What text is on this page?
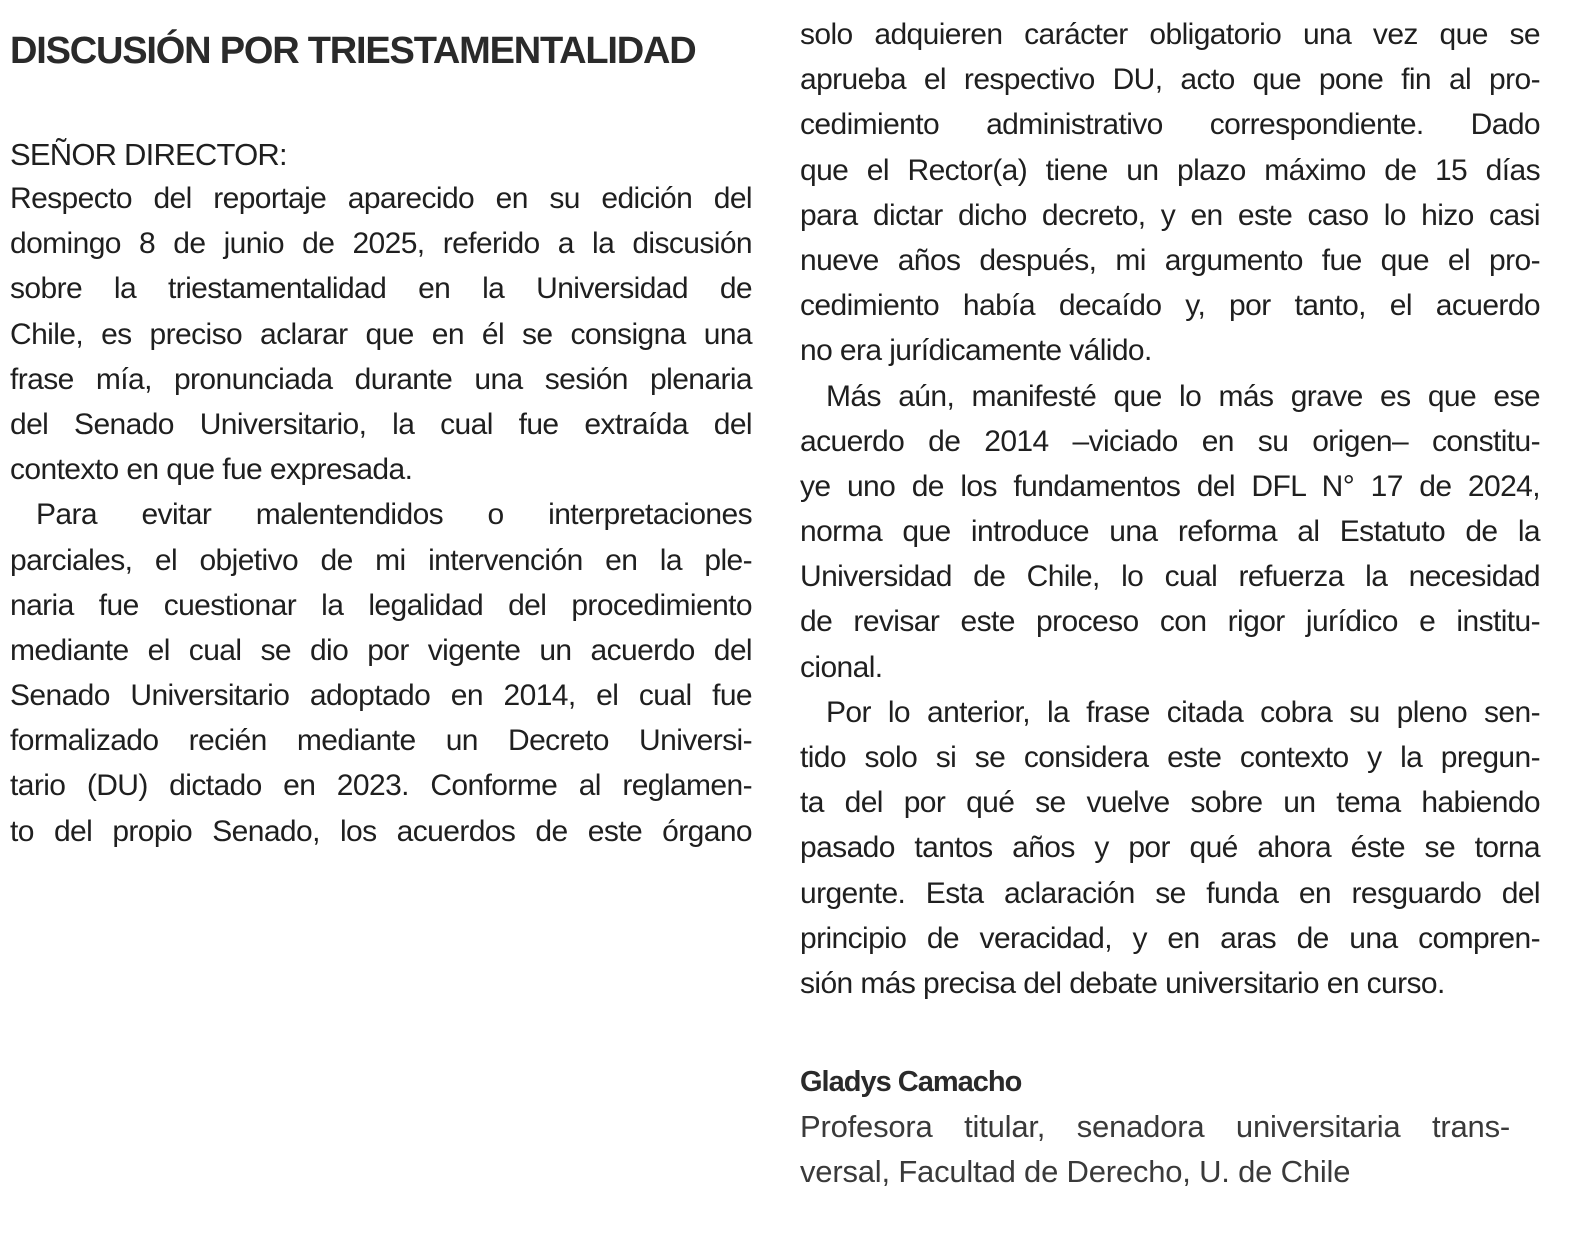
DISCUSIÓN POR TRIESTAMENTALIDAD

SEÑOR DIRECTOR:

Respecto del reportaje aparecido en su edición del
domingo 8 de junio de 2025, referido a la discusión
sobre la triestamentalidad en la Universidad de
Chile, es preciso aclarar que en él se consigna una
frase mía, pronunciada durante una sesión plenaria
del Senado Universitario, la cual fue extraída del
contexto en que fue expresada.
Para evitar malentendidos o interpretaciones
parciales, el objetivo de mi intervención en la ple-
naria fue cuestionar la legalidad del procedimiento
mediante el cual se dio por vigente un acuerdo del
Senado Universitario adoptado en 2014, el cual fue
formalizado recién mediante un Decreto Universi-
tario (DU) dictado en 2023. Conforme al reglamen-
to del propio Senado, los acuerdos de este órgano
solo adquieren carácter obligatorio una vez que se
aprueba el respectivo DU, acto que pone fin al pro-
cedimiento administrativo correspondiente. Dado
que el Rector(a) tiene un plazo máximo de 15 días
para dictar dicho decreto, y en este caso lo hizo casi
nueve años después, mi argumento fue que el pro-
cedimiento había decaído y, por tanto, el acuerdo
no era jurídicamente válido.
Más aún, manifesté que lo más grave es que ese
acuerdo de 2014 –viciado en su origen– constitu-
ye uno de los fundamentos del DFL N° 17 de 2024,
norma que introduce una reforma al Estatuto de la
Universidad de Chile, lo cual refuerza la necesidad
de revisar este proceso con rigor jurídico e institu-
cional.
Por lo anterior, la frase citada cobra su pleno sen-
tido solo si se considera este contexto y la pregun-
ta del por qué se vuelve sobre un tema habiendo
pasado tantos años y por qué ahora éste se torna
urgente. Esta aclaración se funda en resguardo del
principio de veracidad, y en aras de una compren-
sión más precisa del debate universitario en curso.

Gladys Camacho

Profesora titular, senadora universitaria trans-
versal, Facultad de Derecho, U. de Chile
